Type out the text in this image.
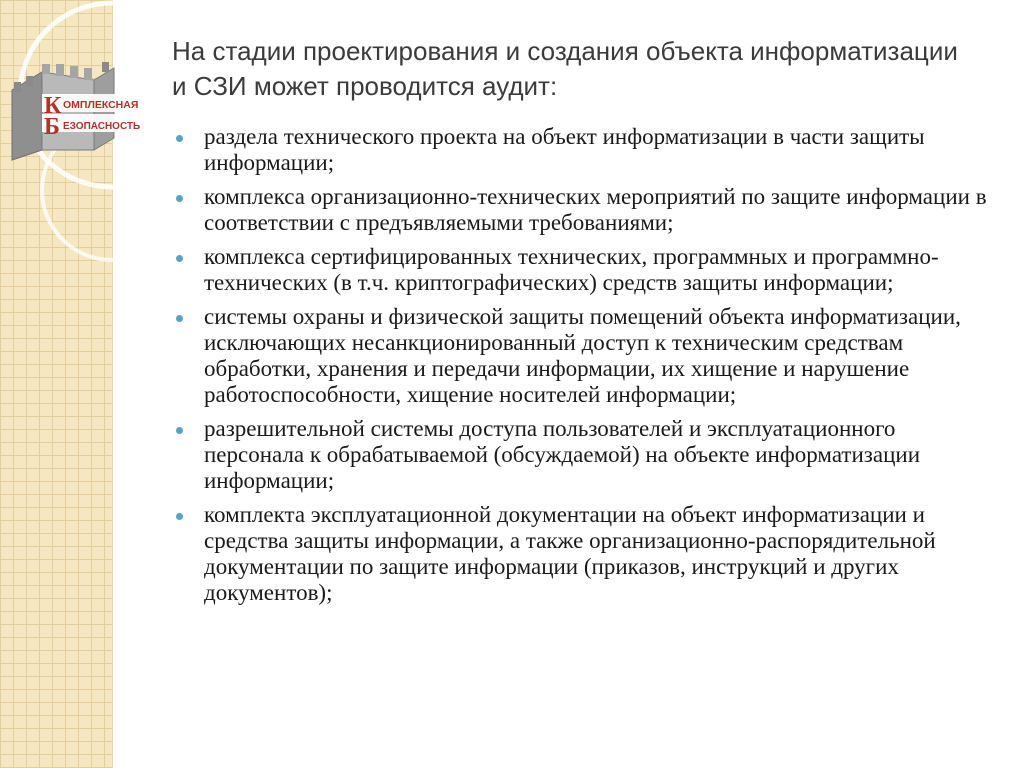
К ОМПЛЕКСНАЯ
Б ЕЗОПАСНОСТЬ
На стадии проектирования и создания объекта информатизации и СЗИ может проводится аудит:
раздела технического проекта на объект информатизации в части защиты информации;
комплекса организационно-технических мероприятий по защите информации в соответствии с предъявляемыми требованиями;
комплекса сертифицированных технических, программных и программно-технических (в т.ч. криптографических) средств защиты информации;
системы охраны и физической защиты помещений объекта информатизации, исключающих несанкционированный доступ к техническим средствам обработки, хранения и передачи информации, их хищение и нарушение работоспособности, хищение носителей информации;
разрешительной системы доступа пользователей и эксплуатационного персонала к обрабатываемой (обсуждаемой) на объекте информатизации информации;
комплекта эксплуатационной документации на объект информатизации и средства защиты информации, а также организационно-распорядительной документации по защите информации (приказов, инструкций и других документов);
